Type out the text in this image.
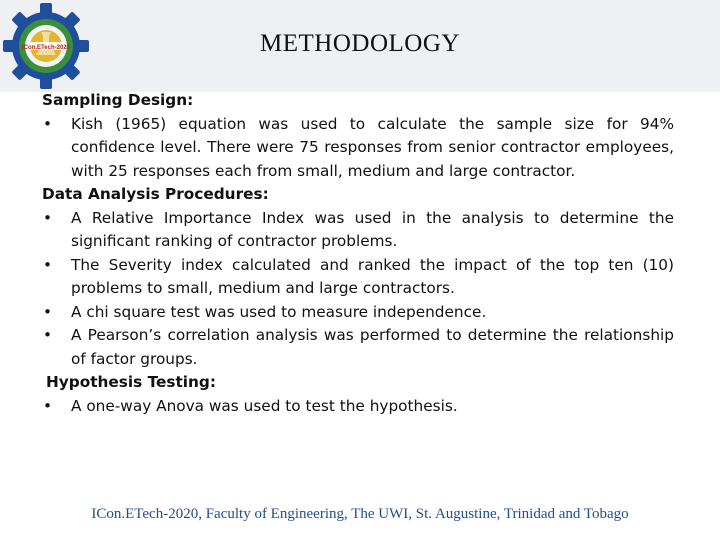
ICon.ETech-2020	METHODOLOGY

Sampling Design:

• Kish (1965) equation was used to calculate the sample size for 94% confidence level. There were 75 responses from senior contractor employees, with 25 responses each from small, medium and large contractor.

Data Analysis Procedures:

• A Relative Importance Index was used in the analysis to determine the significant ranking of contractor problems.
• The Severity index calculated and ranked the impact of the top ten (10) problems to small, medium and large contractors.
• A chi square test was used to measure independence.
• A Pearson’s correlation analysis was performed to determine the relationship of factor groups.

Hypothesis Testing:

• A one-way Anova was used to test the hypothesis.
ICon.ETech-2020, Faculty of Engineering, The UWI, St. Augustine, Trinidad and Tobago
